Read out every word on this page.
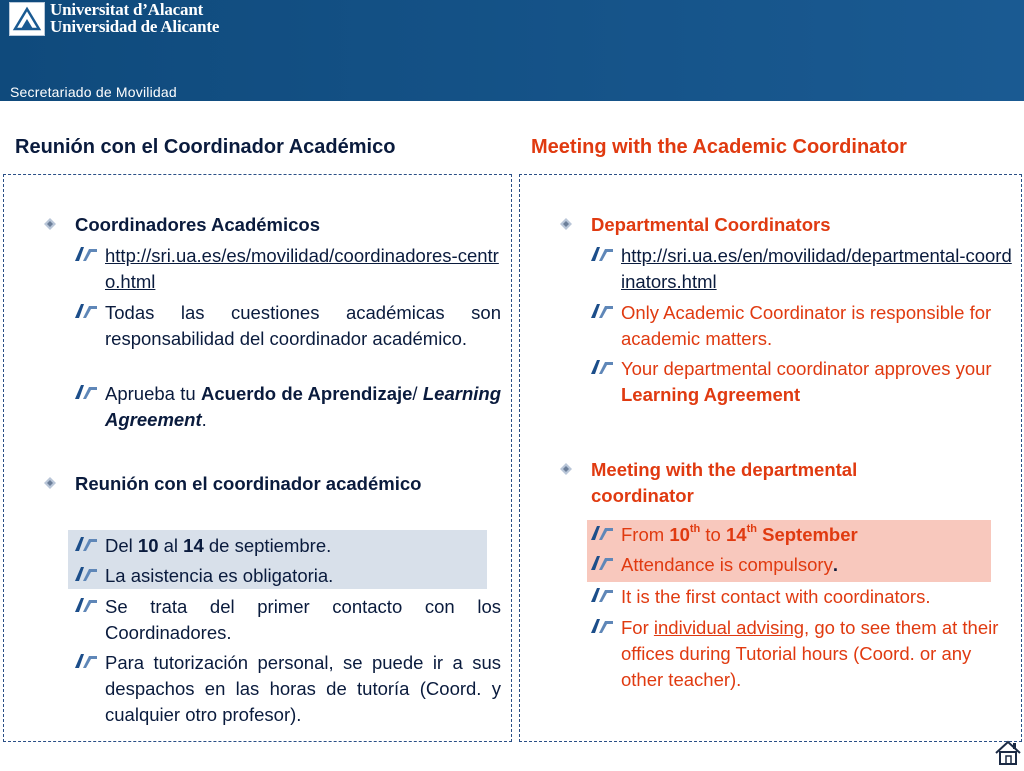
Universitat d’Alacant
Universidad de Alicante
Secretariado de Movilidad
Reunión con el Coordinador Académico	Meeting with the Academic Coordinator
Coordinadores Académicos
http://sri.ua.es/es/movilidad/coordinadores-centro.html
Todas las cuestiones académicas son responsabilidad del coordinador académico.
Aprueba tu Acuerdo de Aprendizaje/ Learning Agreement.
Reunión con el coordinador académico
Del 10 al 14 de septiembre.
La asistencia es obligatoria.
Se trata del primer contacto con los Coordinadores.
Para tutorización personal, se puede ir a sus despachos en las horas de tutoría (Coord. y cualquier otro profesor).
Departmental Coordinators
http://sri.ua.es/en/movilidad/departmental-coordinators.html
Only Academic Coordinator is responsible for academic matters.
Your departmental coordinator approves your Learning Agreement
Meeting with the departmental coordinator
From 10th to 14th September
Attendance is compulsory.
It is the first contact with coordinators.
For individual advising, go to see them at their offices during Tutorial hours (Coord. or any other teacher).
